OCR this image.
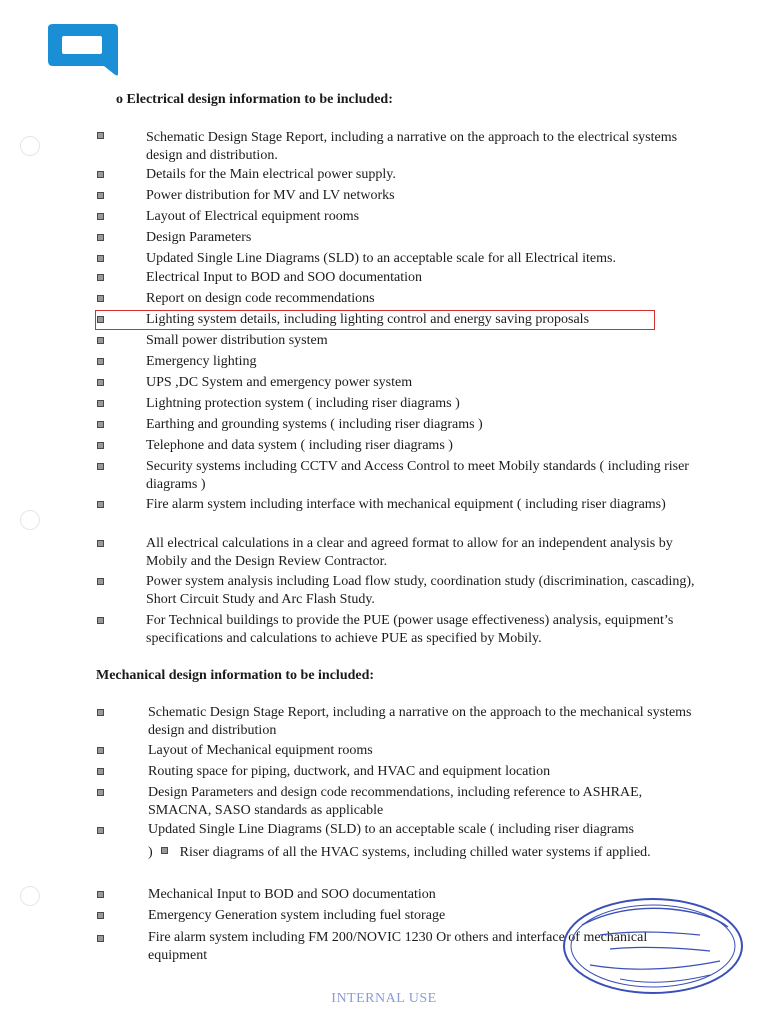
o Electrical design information to be included:
Schematic Design Stage Report, including a narrative on the approach to the electrical systems design and distribution.
Details for the Main electrical power supply.
Power distribution for MV and LV networks
Layout of Electrical equipment rooms
Design Parameters
Updated Single Line Diagrams (SLD) to an acceptable scale for all Electrical items.
Electrical Input to BOD and SOO documentation
Report on design code recommendations
Lighting system details, including lighting control and energy saving proposals
Small power distribution system
Emergency lighting
UPS ,DC System and emergency power system
Lightning protection system ( including riser diagrams )
Earthing and grounding systems ( including riser diagrams )
Telephone and data system ( including riser diagrams )
Security systems including CCTV and Access Control to meet Mobily standards ( including riser diagrams )
Fire alarm system including interface with mechanical equipment ( including riser diagrams)
All electrical calculations in a clear and agreed format to allow for an independent analysis by Mobily and the Design Review Contractor.
Power system analysis including Load flow study, coordination study (discrimination, cascading), Short Circuit Study and Arc Flash Study.
For Technical buildings to provide the PUE (power usage effectiveness) analysis, equipment’s specifications and calculations to achieve PUE as specified by Mobily.
Mechanical design information to be included:
Schematic Design Stage Report, including a narrative on the approach to the mechanical systems design and distribution
Layout of Mechanical equipment rooms
Routing space for piping, ductwork, and HVAC and equipment location
Design Parameters and design code recommendations, including reference to ASHRAE, SMACNA, SASO standards as applicable
Updated Single Line Diagrams (SLD) to an acceptable scale ( including riser diagrams
) Riser diagrams of all the HVAC systems, including chilled water systems if applied.
Mechanical Input to BOD and SOO documentation
Emergency Generation system including fuel storage
Fire alarm system including FM 200/NOVIC 1230 Or others and interface of mechanical equipment
INTERNAL USE
